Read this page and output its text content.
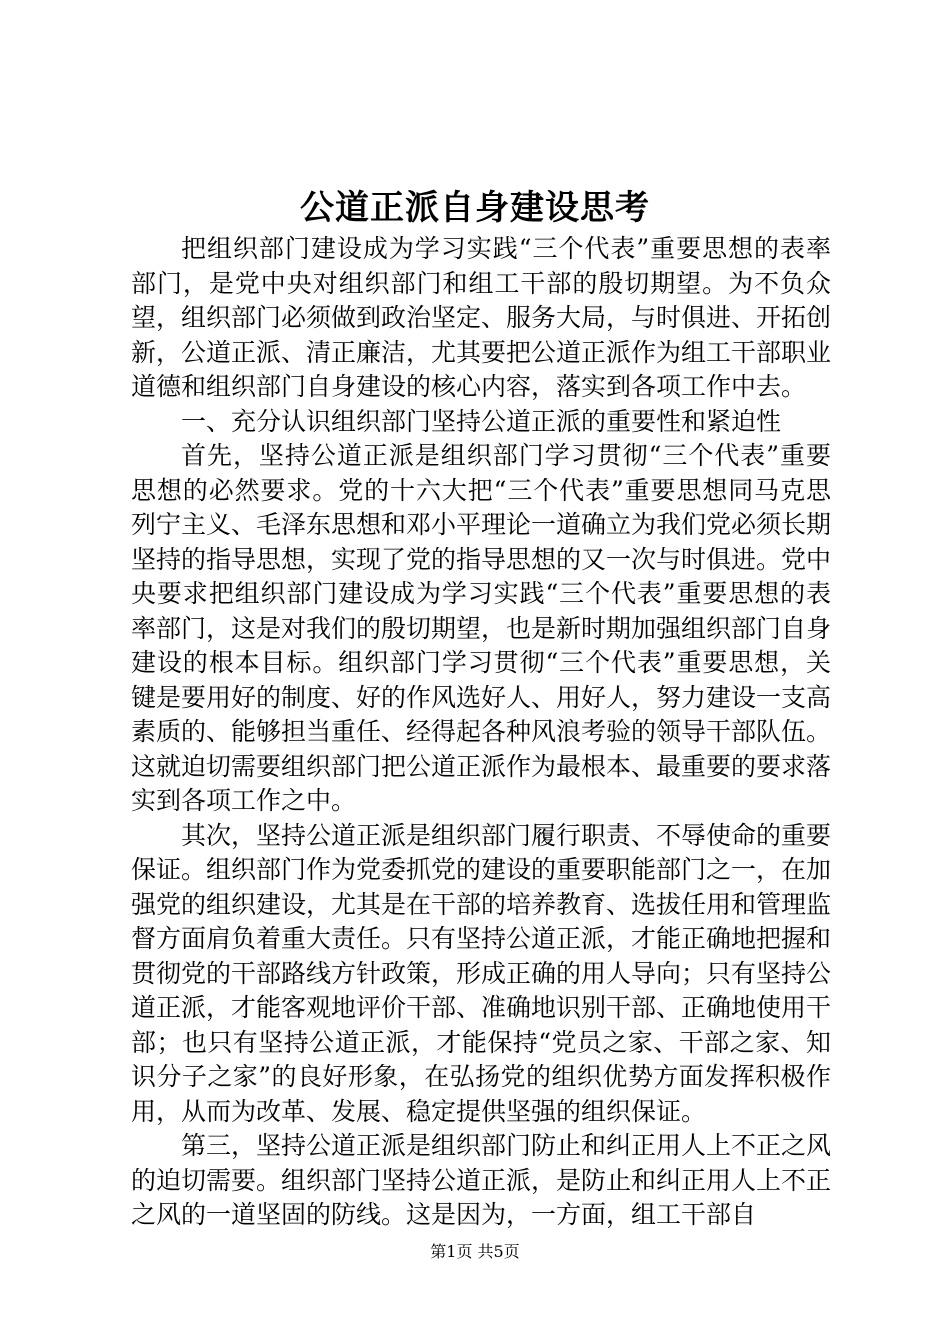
公道正派自身建设思考

把组织部门建设成为学习实践“三个代表”重要思想的表率部门，是党中央对组织部门和组工干部的殷切期望。为不负众望，组织部门必须做到政治坚定、服务大局，与时俱进、开拓创新，公道正派、清正廉洁，尤其要把公道正派作为组工干部职业道德和组织部门自身建设的核心内容，落实到各项工作中去。

一、充分认识组织部门坚持公道正派的重要性和紧迫性

首先，坚持公道正派是组织部门学习贯彻“三个代表”重要思想的必然要求。党的十六大把“三个代表”重要思想同马克思列宁主义、毛泽东思想和邓小平理论一道确立为我们党必须长期坚持的指导思想，实现了党的指导思想的又一次与时俱进。党中央要求把组织部门建设成为学习实践“三个代表”重要思想的表率部门，这是对我们的殷切期望，也是新时期加强组织部门自身建设的根本目标。组织部门学习贯彻“三个代表”重要思想，关键是要用好的制度、好的作风选好人、用好人，努力建设一支高素质的、能够担当重任、经得起各种风浪考验的领导干部队伍。这就迫切需要组织部门把公道正派作为最根本、最重要的要求落实到各项工作之中。

其次，坚持公道正派是组织部门履行职责、不辱使命的重要保证。组织部门作为党委抓党的建设的重要职能部门之一，在加强党的组织建设，尤其是在干部的培养教育、选拔任用和管理监督方面肩负着重大责任。只有坚持公道正派，才能正确地把握和贯彻党的干部路线方针政策，形成正确的用人导向；只有坚持公道正派，才能客观地评价干部、准确地识别干部、正确地使用干部；也只有坚持公道正派，才能保持“党员之家、干部之家、知识分子之家”的良好形象，在弘扬党的组织优势方面发挥积极作用，从而为改革、发展、稳定提供坚强的组织保证。

第三，坚持公道正派是组织部门防止和纠正用人上不正之风的迫切需要。组织部门坚持公道正派，是防止和纠正用人上不正之风的一道坚固的防线。这是因为，一方面，组工干部自

第1页 共5页
